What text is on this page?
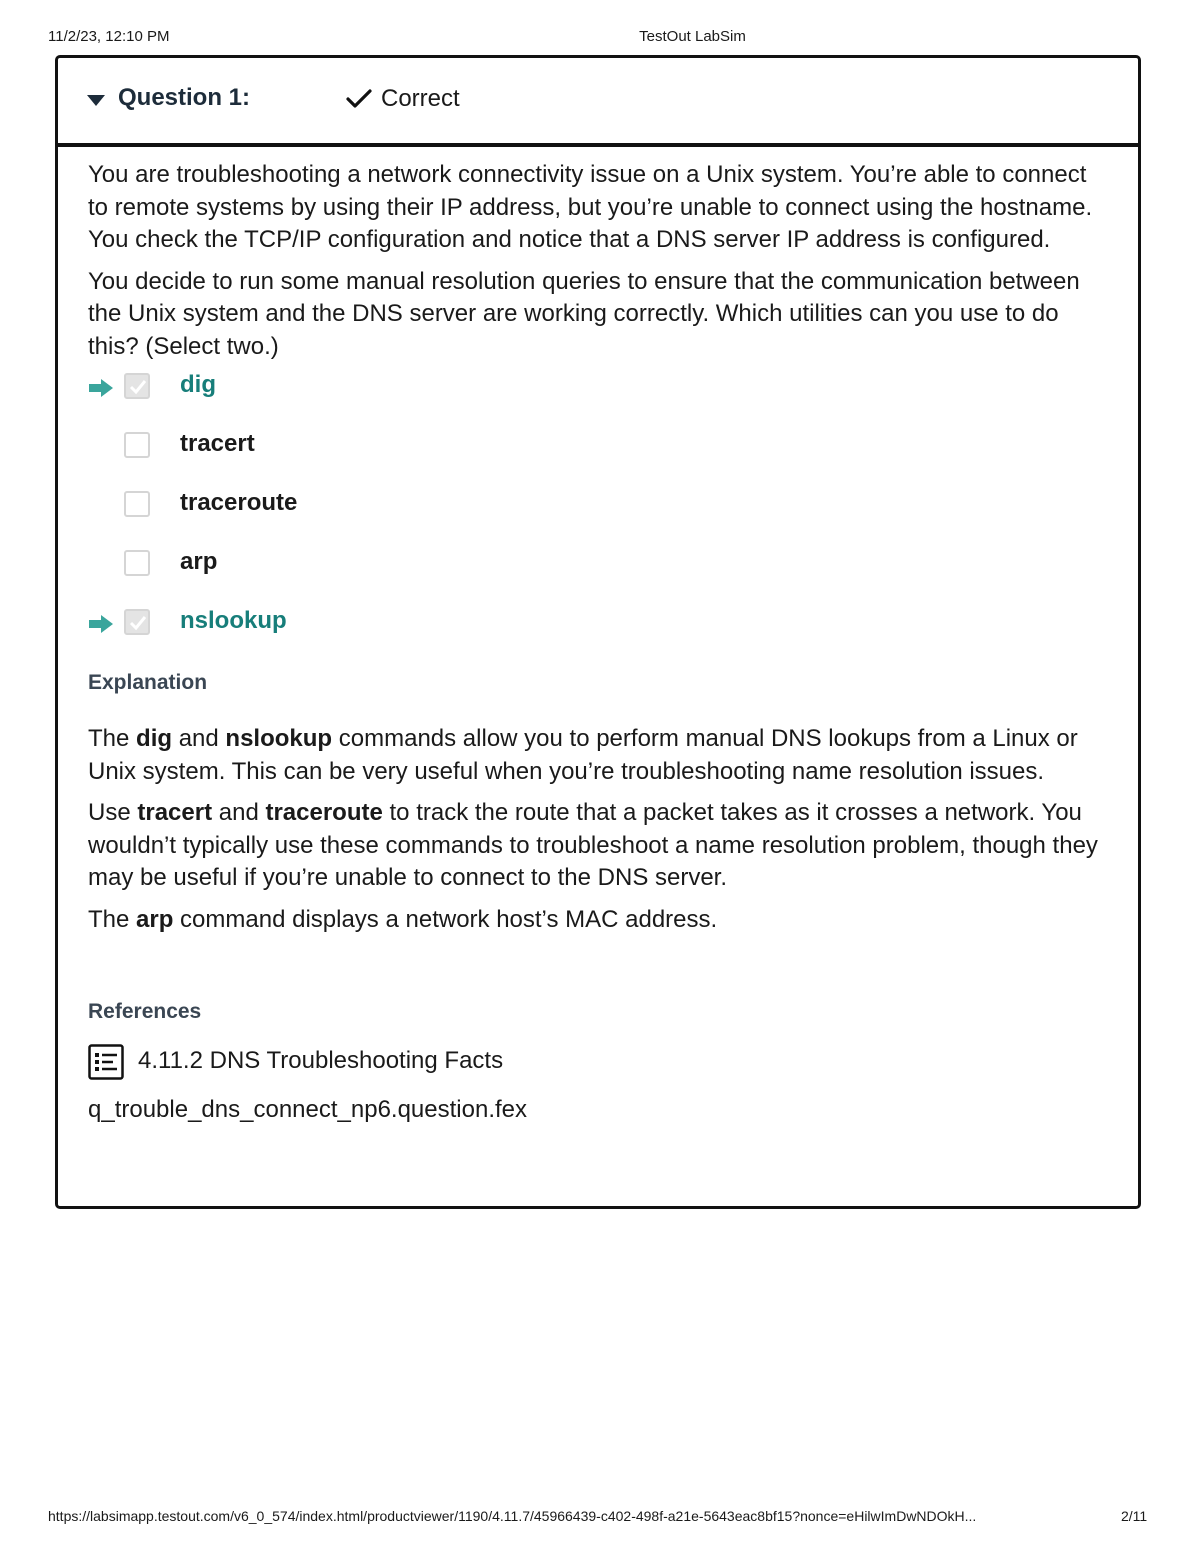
11/2/23, 12:10 PM	TestOut LabSim
Question 1:	Correct

You are troubleshooting a network connectivity issue on a Unix system. You’re able to connect to remote systems by using their IP address, but you’re unable to connect using the hostname. You check the TCP/IP configuration and notice that a DNS server IP address is configured.

You decide to run some manual resolution queries to ensure that the communication between the Unix system and the DNS server are working correctly. Which utilities can you use to do this? (Select two.)

dig
tracert
traceroute
arp
nslookup
Explanation

The dig and nslookup commands allow you to perform manual DNS lookups from a Linux or Unix system. This can be very useful when you’re troubleshooting name resolution issues.

Use tracert and traceroute to track the route that a packet takes as it crosses a network. You wouldn’t typically use these commands to troubleshoot a name resolution problem, though they may be useful if you’re unable to connect to the DNS server.

The arp command displays a network host’s MAC address.

References
4.11.2 DNS Troubleshooting Facts
q_trouble_dns_connect_np6.question.fex
https://labsimapp.testout.com/v6_0_574/index.html/productviewer/1190/4.11.7/45966439-c402-498f-a21e-5643eac8bf15?nonce=eHilwImDwNDOkH...	2/11
